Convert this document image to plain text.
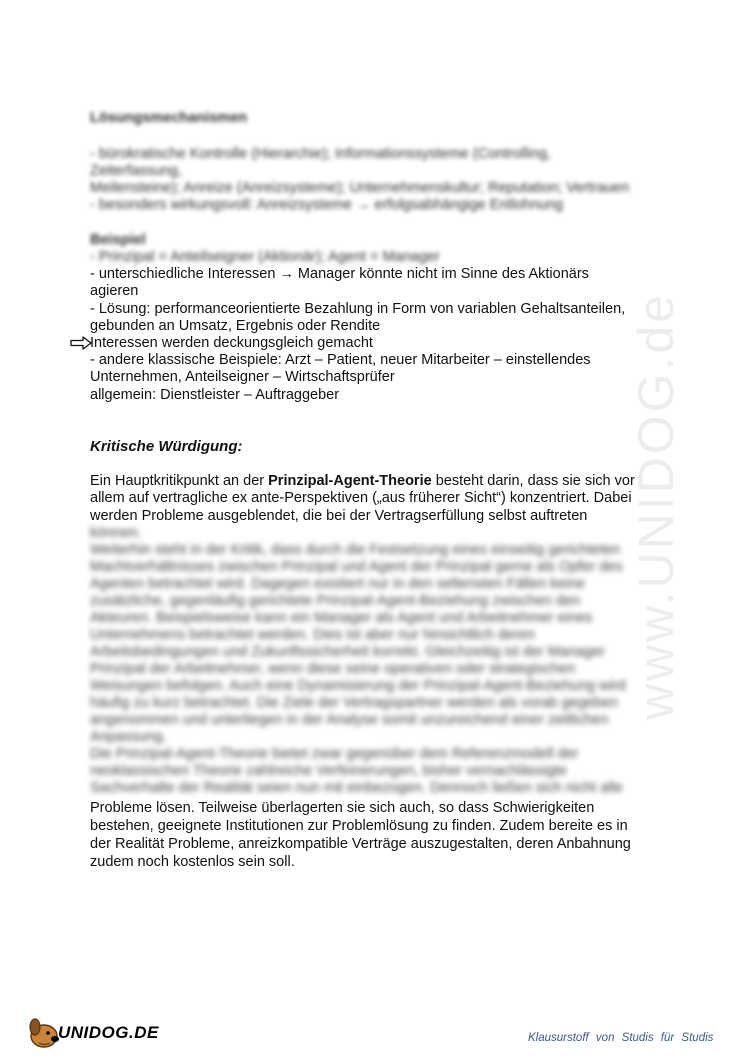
www.UNIDOG.de
Lösungsmechanismen
- bürokratische Kontrolle (Hierarchie); Informationssysteme (Controlling,
Zeiterfassung,
Meilensteine); Anreize (Anreizsysteme); Unternehmenskultur; Reputation; Vertrauen
- besonders wirkungsvoll: Anreizsysteme → erfolgsabhängige Entlohnung
Beispiel
- Prinzipal = Anteilseigner (Aktionär); Agent = Manager
- unterschiedliche Interessen → Manager könnte nicht im Sinne des Aktionärs
agieren
- Lösung: performanceorientierte Bezahlung in Form von variablen Gehaltsanteilen,
gebunden an Umsatz, Ergebnis oder Rendite
Interessen werden deckungsgleich gemacht
- andere klassische Beispiele: Arzt – Patient, neuer Mitarbeiter – einstellendes
Unternehmen, Anteilseigner – Wirtschaftsprüfer
allgemein: Dienstleister – Auftraggeber
Kritische Würdigung:
Ein Hauptkritikpunkt an der Prinzipal-Agent-Theorie besteht darin, dass sie sich vor
allem auf vertragliche ex ante-Perspektiven („aus früherer Sicht“) konzentriert. Dabei
werden Probleme ausgeblendet, die bei der Vertragserfüllung selbst auftreten
können.
Weiterhin steht in der Kritik, dass durch die Festsetzung eines einseitig gerichteten
Machtverhältnisses zwischen Prinzipal und Agent der Prinzipal gerne als Opfer des
Agenten betrachtet wird. Dagegen existiert nur in den seltensten Fällen keine
zusätzliche, gegenläufig gerichtete Prinzipal-Agent-Beziehung zwischen den
Akteuren. Beispielsweise kann ein Manager als Agent und Arbeitnehmer eines
Unternehmens betrachtet werden. Dies ist aber nur hinsichtlich deren
Arbeitsbedingungen und Zukunftssicherheit korrekt. Gleichzeitig ist der Manager
Prinzipal der Arbeitnehmer, wenn diese seine operativen oder strategischen
Weisungen befolgen. Auch eine Dynamisierung der Prinzipal-Agent-Beziehung wird
häufig zu kurz betrachtet. Die Ziele der Vertragspartner werden als vorab gegeben
angenommen und unterliegen in der Analyse somit unzureichend einer zeitlichen
Anpassung.
Die Prinzipal-Agent-Theorie bietet zwar gegenüber dem Referenzmodell der
neoklassischen Theorie zahlreiche Verfeinerungen, bisher vernachlässigte
Sachverhalte der Realität seien nun mit einbezogen. Dennoch ließen sich nicht alle
Probleme lösen. Teilweise überlagerten sie sich auch, so dass Schwierigkeiten
bestehen, geeignete Institutionen zur Problemlösung zu finden. Zudem bereite es in
der Realität Probleme, anreizkompatible Verträge auszugestalten, deren Anbahnung
zudem noch kostenlos sein soll.
UNIDOG.DE	Klausurstoff von Studis für Studis
